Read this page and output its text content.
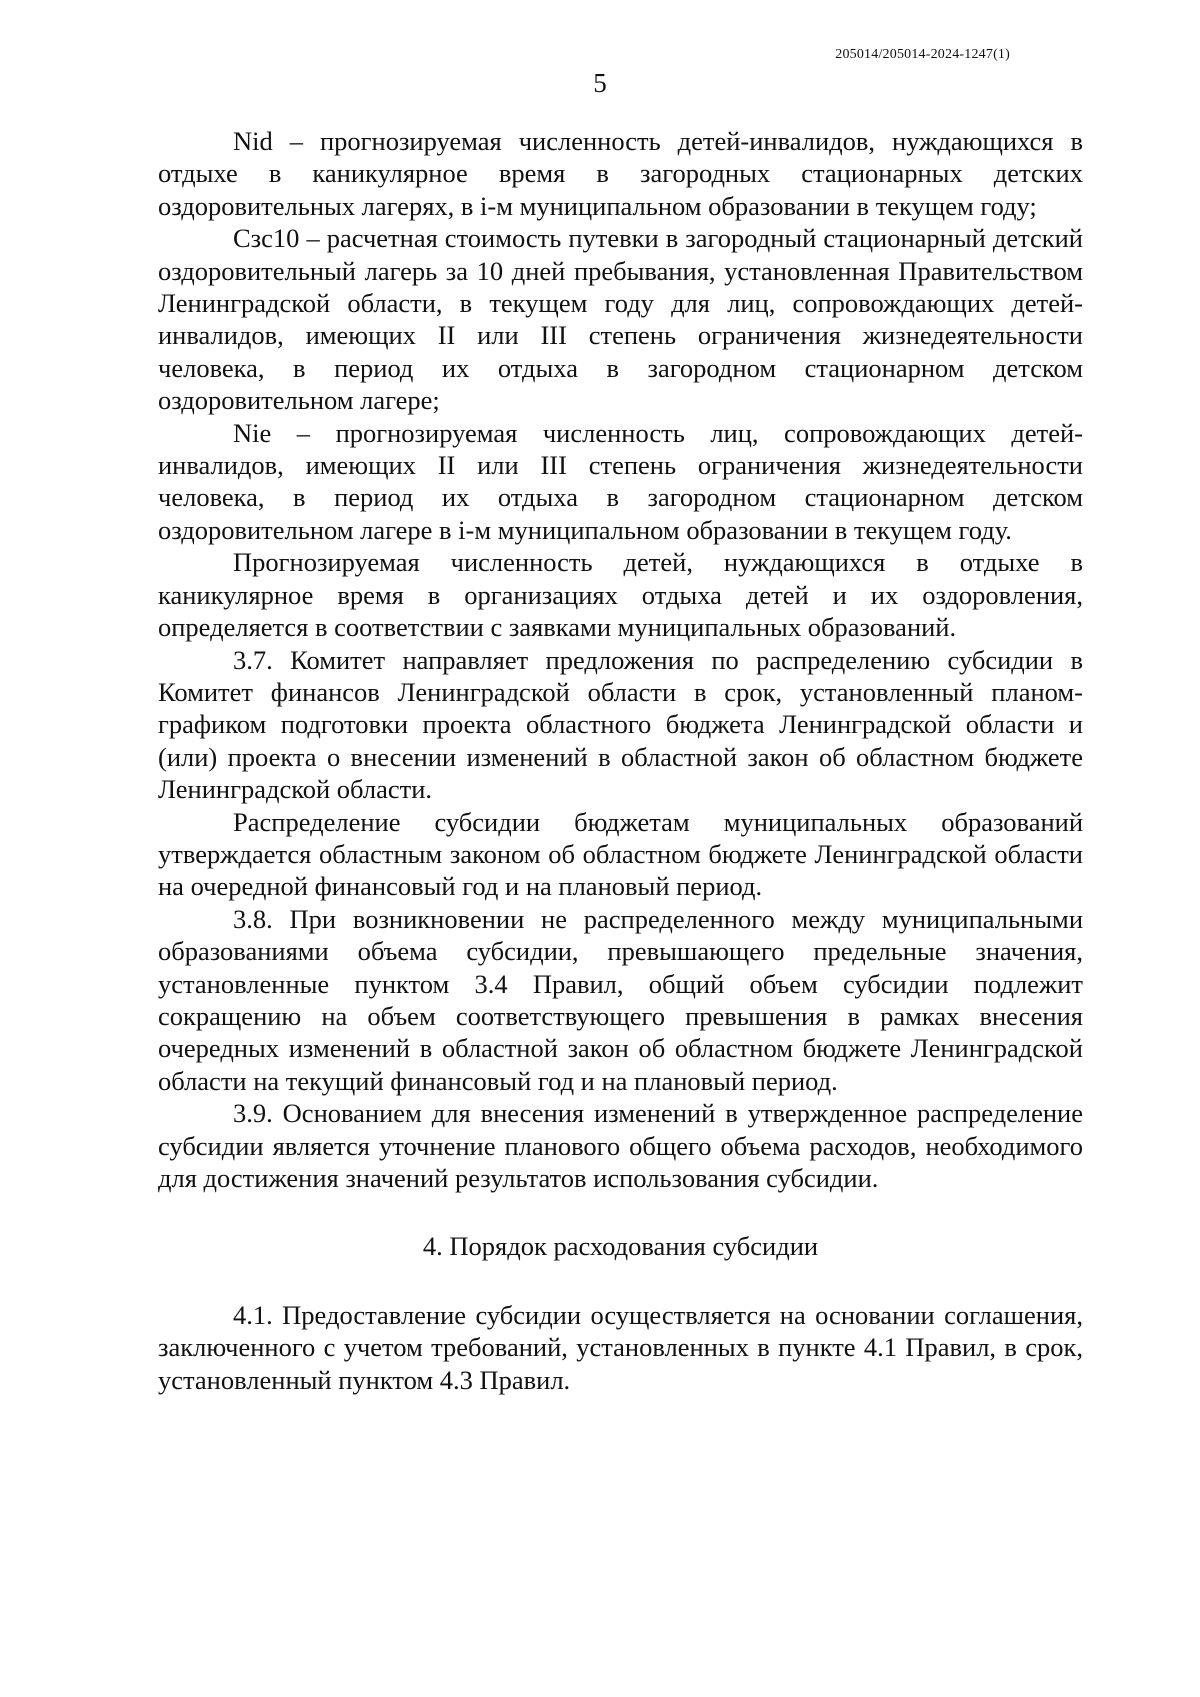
205014/205014-2024-1247(1)
5

Nid – прогнозируемая численность детей-инвалидов, нуждающихся в отдыхе в каникулярное время в загородных стационарных детских оздоровительных лагерях, в i-м муниципальном образовании в текущем году;

Cзс10 – расчетная стоимость путевки в загородный стационарный детский оздоровительный лагерь за 10 дней пребывания, установленная Правительством Ленинградской области, в текущем году для лиц, сопровождающих детей-инвалидов, имеющих II или III степень ограничения жизнедеятельности человека, в период их отдыха в загородном стационарном детском оздоровительном лагере;

Nie – прогнозируемая численность лиц, сопровождающих детей-инвалидов, имеющих II или III степень ограничения жизнедеятельности человека, в период их отдыха в загородном стационарном детском оздоровительном лагере в i-м муниципальном образовании в текущем году.

Прогнозируемая численность детей, нуждающихся в отдыхе в каникулярное время в организациях отдыха детей и их оздоровления, определяется в соответствии с заявками муниципальных образований.

3.7. Комитет направляет предложения по распределению субсидии в Комитет финансов Ленинградской области в срок, установленный планом-графиком подготовки проекта областного бюджета Ленинградской области и (или) проекта о внесении изменений в областной закон об областном бюджете Ленинградской области.

Распределение субсидии бюджетам муниципальных образований утверждается областным законом об областном бюджете Ленинградской области на очередной финансовый год и на плановый период.

3.8. При возникновении не распределенного между муниципальными образованиями объема субсидии, превышающего предельные значения, установленные пунктом 3.4 Правил, общий объем субсидии подлежит сокращению на объем соответствующего превышения в рамках внесения очередных изменений в областной закон об областном бюджете Ленинградской области на текущий финансовый год и на плановый период.

3.9. Основанием для внесения изменений в утвержденное распределение субсидии является уточнение планового общего объема расходов, необходимого для достижения значений результатов использования субсидии.

4. Порядок расходования субсидии

4.1. Предоставление субсидии осуществляется на основании соглашения, заключенного с учетом требований, установленных в пункте 4.1 Правил, в срок, установленный пунктом 4.3 Правил.
